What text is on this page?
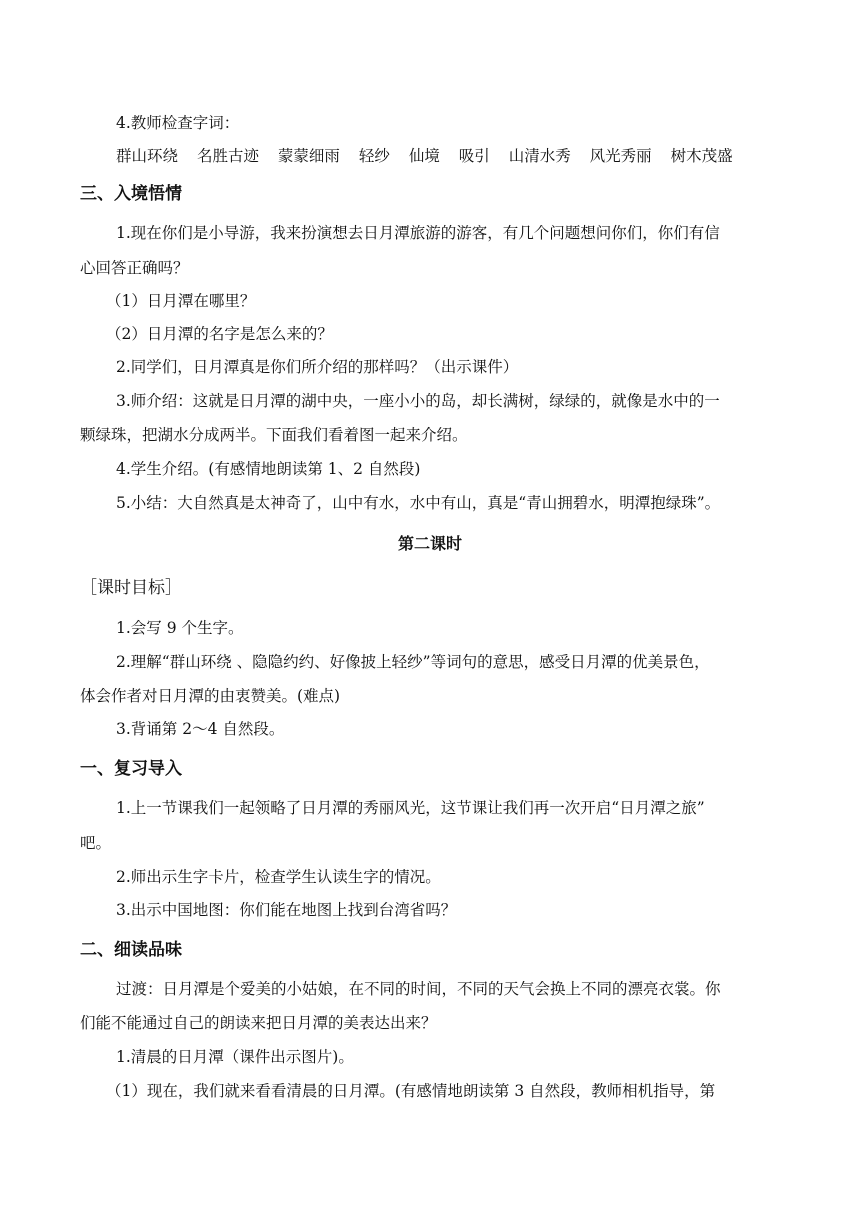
4.教师检查字词：
群山环绕 名胜古迹 蒙蒙细雨 轻纱 仙境 吸引 山清水秀 风光秀丽 树木茂盛
三、入境悟情
1.现在你们是小导游，我来扮演想去日月潭旅游的游客，有几个问题想问你们，你们有信
心回答正确吗？
（1）日月潭在哪里？
（2）日月潭的名字是怎么来的？
2.同学们，日月潭真是你们所介绍的那样吗？（出示课件）
3.师介绍：这就是日月潭的湖中央，一座小小的岛，却长满树，绿绿的，就像是水中的一
颗绿珠，把湖水分成两半。下面我们看着图一起来介绍。
4.学生介绍。(有感情地朗读第 1、2 自然段)
5.小结：大自然真是太神奇了，山中有水，水中有山，真是“青山拥碧水，明潭抱绿珠”。
第二课时
［课时目标］
1.会写 9 个生字。
2.理解“群山环绕 、隐隐约约、好像披上轻纱”等词句的意思，感受日月潭的优美景色，
体会作者对日月潭的由衷赞美。(难点)
3.背诵第 2～4 自然段。
一、复习导入
1.上一节课我们一起领略了日月潭的秀丽风光，这节课让我们再一次开启“日月潭之旅”
吧。
2.师出示生字卡片，检查学生认读生字的情况。
3.出示中国地图：你们能在地图上找到台湾省吗？
二、细读品味
过渡：日月潭是个爱美的小姑娘，在不同的时间，不同的天气会换上不同的漂亮衣裳。你
们能不能通过自己的朗读来把日月潭的美表达出来？
1.清晨的日月潭（课件出示图片)。
（1）现在，我们就来看看清晨的日月潭。(有感情地朗读第 3 自然段，教师相机指导，第
